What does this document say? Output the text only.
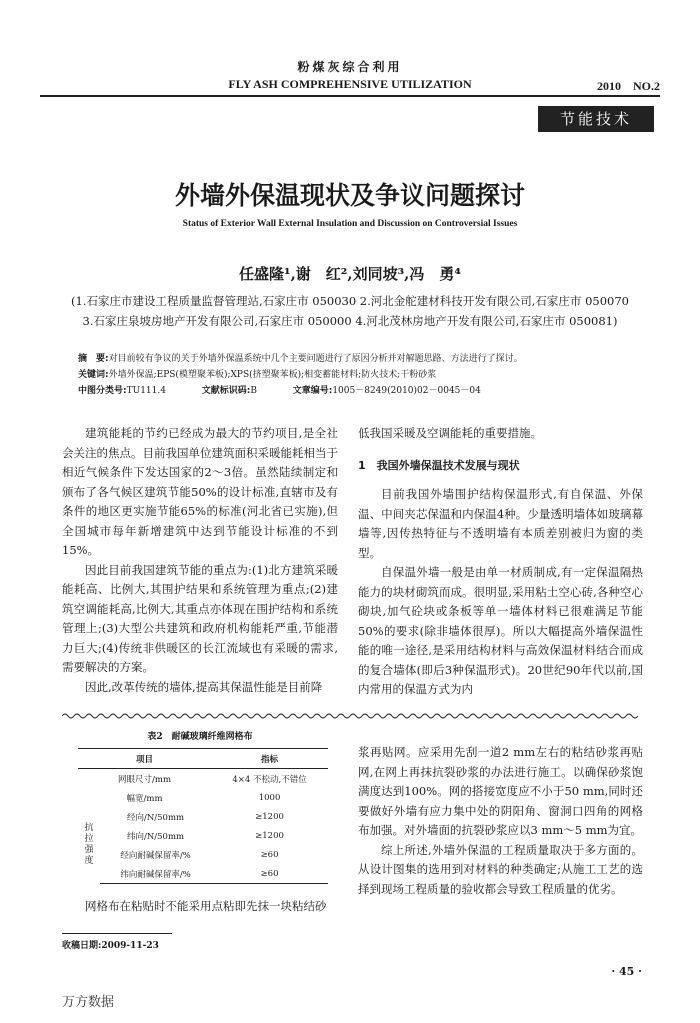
粉煤灰综合利用
FLY ASH COMPREHENSIVE UTILIZATION	2010　NO.2
节能技术
外墙外保温现状及争议问题探讨
Status of Exterior Wall External Insulation and Discussion on Controversial Issues
任盛隆¹,谢　红²,刘同坡³,冯　勇⁴
(1.石家庄市建设工程质量监督管理站,石家庄市 050030 2.河北金舵建材科技开发有限公司,石家庄市 050070
3.石家庄泉坡房地产开发有限公司,石家庄市 050000 4.河北茂林房地产开发有限公司,石家庄市 050081)
摘　要:对目前较有争议的关于外墙外保温系统中几个主要问题进行了原因分析并对解题思路、方法进行了探讨。
关键词:外墙外保温;EPS(模塑聚苯板);XPS(挤塑聚苯板);相变蓄能材料;防火技术;干粉砂浆
中图分类号:TU111.4	文献标识码:B	文章编号:1005－8249(2010)02－0045－04

建筑能耗的节约已经成为最大的节约项目,是全社会关注的焦点。目前我国单位建筑面积采暖能耗相当于相近气候条件下发达国家的2～3倍。虽然陆续制定和颁布了各气候区建筑节能50%的设计标准,直辖市及有条件的地区更实施节能65%的标准(河北省已实施),但全国城市每年新增建筑中达到节能设计标准的不到15%。

因此目前我国建筑节能的重点为:(1)北方建筑采暖能耗高、比例大,其围护结果和系统管理为重点;(2)建筑空调能耗高,比例大,其重点亦体现在围护结构和系统管理上;(3)大型公共建筑和政府机构能耗严重,节能潜力巨大;(4)传统非供暖区的长江流域也有采暖的需求,需要解决的方案。

因此,改革传统的墙体,提高其保温性能是目前降

低我国采暖及空调能耗的重要措施。

1　我国外墙保温技术发展与现状

目前我国外墙围护结构保温形式,有自保温、外保温、中间夹芯保温和内保温4种。少量透明墙体如玻璃幕墙等,因传热特征与不透明墙有本质差别被归为窗的类型。

自保温外墙一般是由单一材质制成,有一定保温隔热能力的块材砌筑而成。很明显,采用粘土空心砖,各种空心砌块,加气砼块或条板等单一墙体材料已很难满足节能50%的要求(除非墙体很厚)。所以大幅提高外墙保温性能的唯一途径,是采用结构材料与高效保温材料结合而成的复合墙体(即后3种保温形式)。20世纪90年代以前,国内常用的保温方式为内

表2　耐碱玻璃纤维网格布
项目		指标
网眼尺寸/mm		4×4 不松动,不错位
幅宽/mm		1000

抗
拉
强
度	经向/N/50mm	≥1200
	纬向/N/50mm	≥1200
	经向耐碱保留率/%	≥60
	纬向耐碱保留率/%	≥60

网格布在粘贴时不能采用点粘即先抹一块粘结砂

浆再贴网。应采用先刮一道2 mm左右的粘结砂浆再贴网,在网上再抹抗裂砂浆的办法进行施工。以确保砂浆饱满度达到100%。网的搭接宽度应不小于50 mm,同时还要做好外墙有应力集中处的阴阳角、窗洞口四角的网格布加强。对外墙面的抗裂砂浆应以3 mm～5 mm为宜。

综上所述,外墙外保温的工程质量取决于多方面的。从设计图集的选用到对材料的种类确定;从施工工艺的选择到现场工程质量的验收都会导致工程质量的优劣。

收稿日期:2009-11-23
· 45 ·
万方数据
